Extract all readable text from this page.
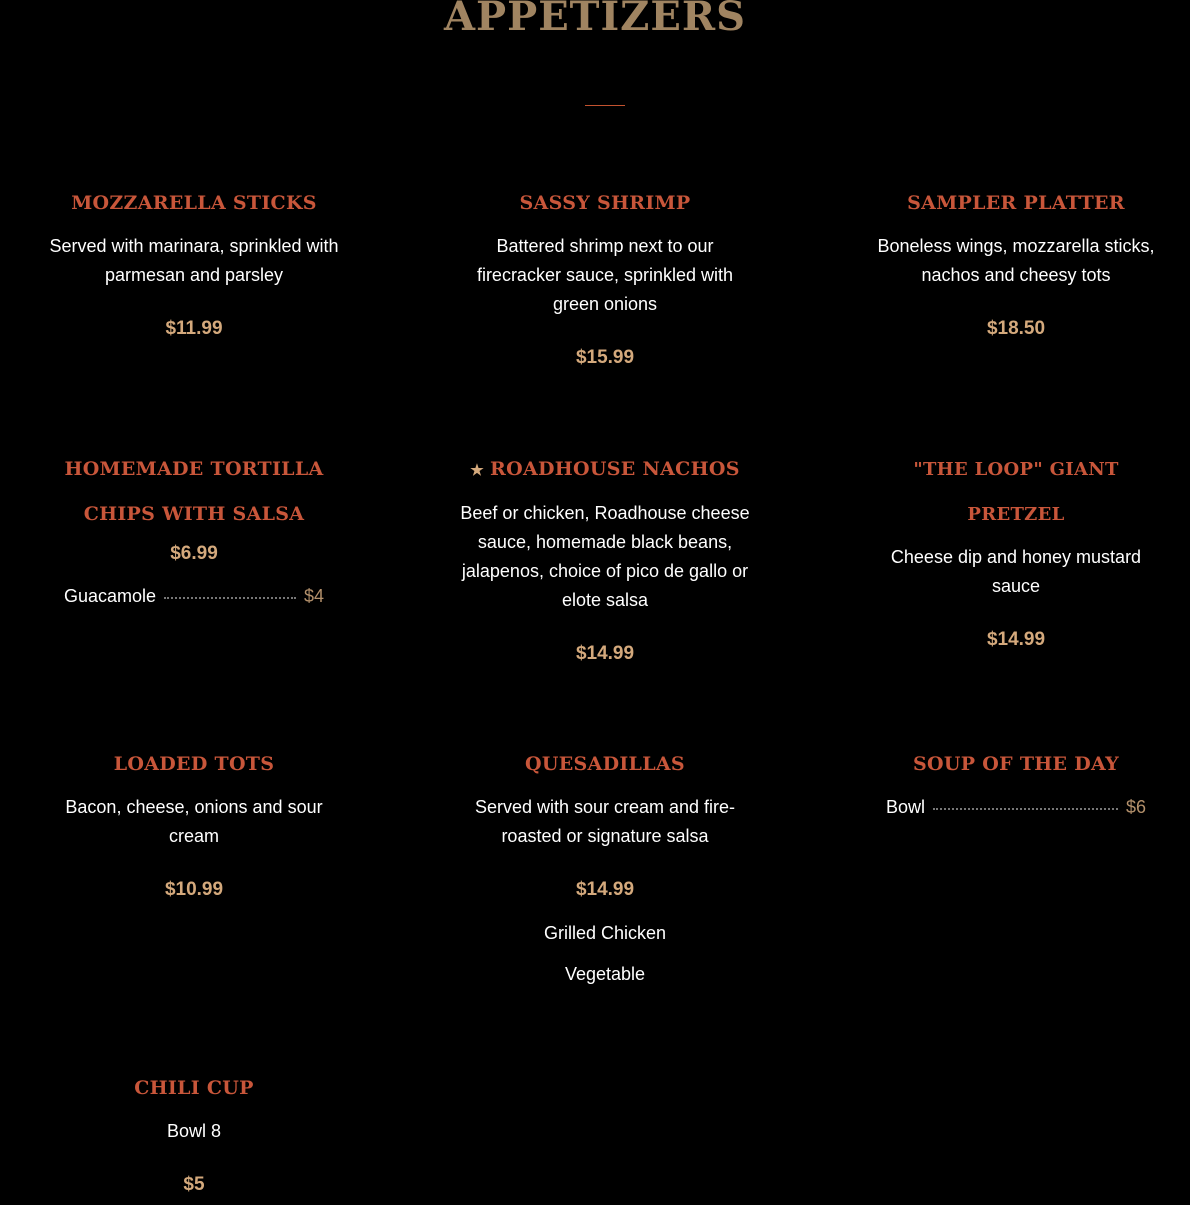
APPETIZERS
MOZZARELLA STICKS

Served with marinara, sprinkled with parmesan and parsley

$11.99

SASSY SHRIMP

Battered shrimp next to our firecracker sauce, sprinkled with green onions

$15.99

SAMPLER PLATTER

Boneless wings, mozzarella sticks, nachos and cheesy tots

$18.50

HOMEMADE TORTILLA CHIPS WITH SALSA

$6.99

Guacamole	$4
★ ROADHOUSE NACHOS

Beef or chicken, Roadhouse cheese sauce, homemade black beans, jalapenos, choice of pico de gallo or elote salsa

$14.99

"THE LOOP" GIANT PRETZEL

Cheese dip and honey mustard sauce

$14.99

LOADED TOTS

Bacon, cheese, onions and sour cream

$10.99

QUESADILLAS

Served with sour cream and fire-roasted or signature salsa

$14.99

Grilled Chicken
Vegetable
SOUP OF THE DAY
Bowl	$6
CHILI CUP

Bowl 8

$5
